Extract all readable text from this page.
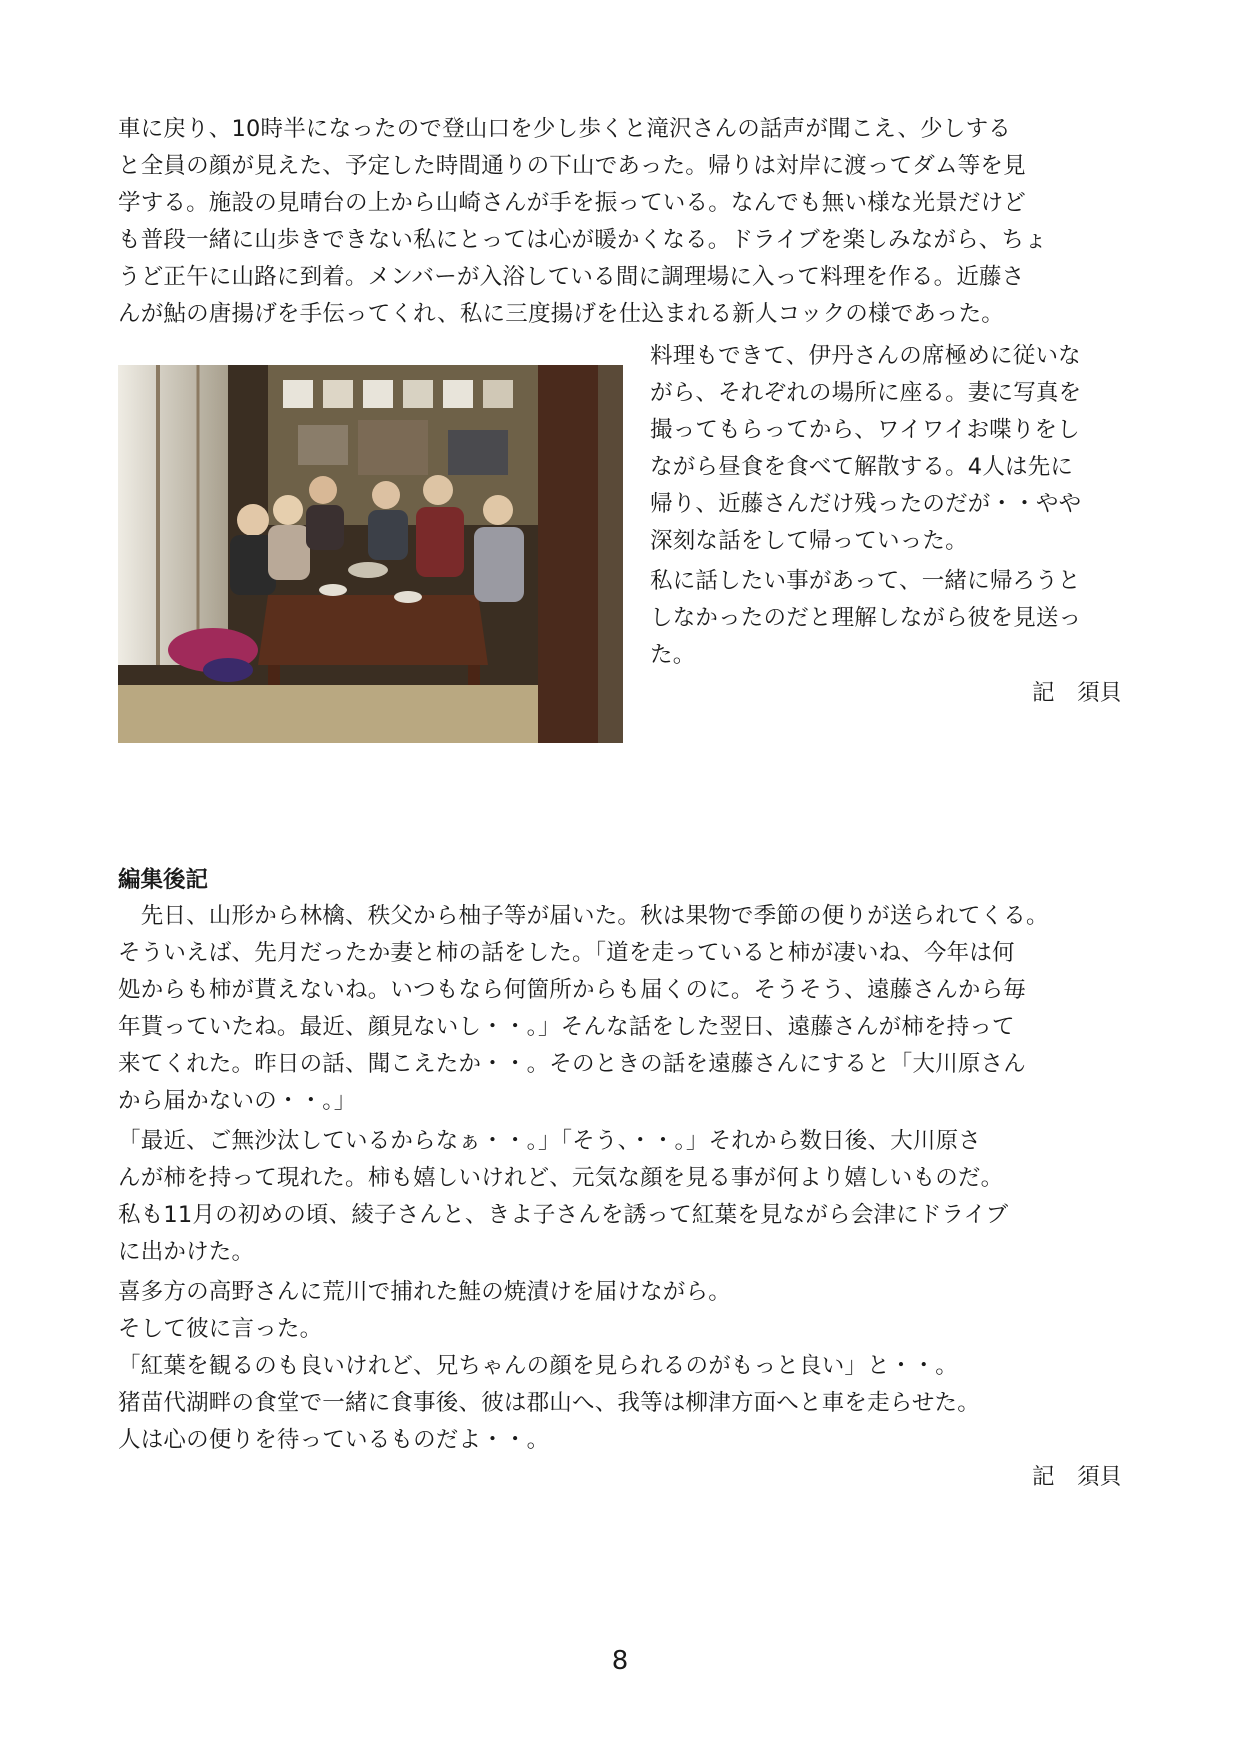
車に戻り、10時半になったので登山口を少し歩くと滝沢さんの話声が聞こえ、少しする
と全員の顔が見えた、予定した時間通りの下山であった。帰りは対岸に渡ってダム等を見
学する。施設の見晴台の上から山崎さんが手を振っている。なんでも無い様な光景だけど
も普段一緒に山歩きできない私にとっては心が暖かくなる。ドライブを楽しみながら、ちょ
うど正午に山路に到着。メンバーが入浴している間に調理場に入って料理を作る。近藤さ
んが鮎の唐揚げを手伝ってくれ、私に三度揚げを仕込まれる新人コックの様であった。
料理もできて、伊丹さんの席極めに従いな
がら、それぞれの場所に座る。妻に写真を
撮ってもらってから、ワイワイお喋りをし
ながら昼食を食べて解散する。4人は先に
帰り、近藤さんだけ残ったのだが・・やや
深刻な話をして帰っていった。
私に話したい事があって、一緒に帰ろうと
しなかったのだと理解しながら彼を見送っ
た。
記　須貝
編集後記
　先日、山形から林檎、秩父から柚子等が届いた。秋は果物で季節の便りが送られてくる。
そういえば、先月だったか妻と柿の話をした。「道を走っていると柿が凄いね、今年は何
処からも柿が貰えないね。いつもなら何箇所からも届くのに。そうそう、遠藤さんから毎
年貰っていたね。最近、顔見ないし・・。」そんな話をした翌日、遠藤さんが柿を持って
来てくれた。昨日の話、聞こえたか・・。そのときの話を遠藤さんにすると「大川原さん
から届かないの・・。」
「最近、ご無沙汰しているからなぁ・・。」「そう、・・。」それから数日後、大川原さ
んが柿を持って現れた。柿も嬉しいけれど、元気な顔を見る事が何より嬉しいものだ。
私も11月の初めの頃、綾子さんと、きよ子さんを誘って紅葉を見ながら会津にドライブ
に出かけた。
喜多方の高野さんに荒川で捕れた鮭の焼漬けを届けながら。
そして彼に言った。
「紅葉を観るのも良いけれど、兄ちゃんの顔を見られるのがもっと良い」と・・。
猪苗代湖畔の食堂で一緒に食事後、彼は郡山へ、我等は柳津方面へと車を走らせた。
人は心の便りを待っているものだよ・・。
記　須貝
8
